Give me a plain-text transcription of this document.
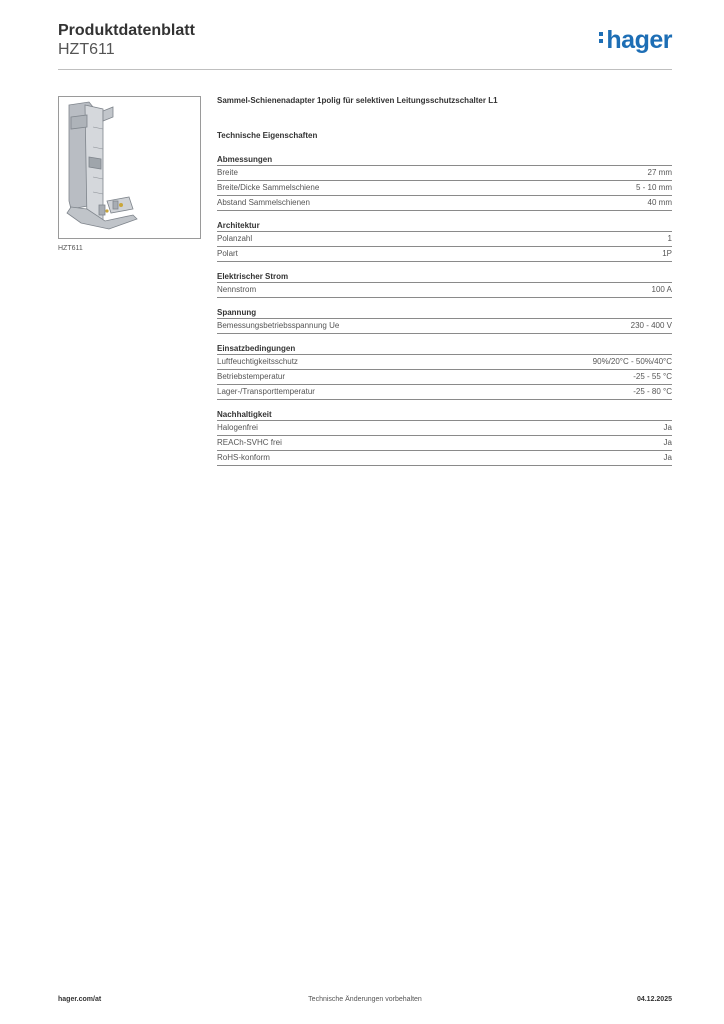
Produktdatenblatt
HZT611	hager
HZT611
Sammel-Schienenadapter 1polig für selektiven Leitungsschutzschalter L1
Technische Eigenschaften
Abmessungen
Breite	27 mm
Breite/Dicke Sammelschiene	5 - 10 mm
Abstand Sammelschienen	40 mm
Architektur
Polanzahl	1
Polart	1P
Elektrischer Strom
Nennstrom	100 A
Spannung
Bemessungsbetriebsspannung Ue	230 - 400 V
Einsatzbedingungen
Luftfeuchtigkeitsschutz	90%/20°C - 50%/40°C
Betriebstemperatur	-25 - 55 °C
Lager-/Transporttemperatur	-25 - 80 °C
Nachhaltigkeit
Halogenfrei	Ja
REACh-SVHC frei	Ja
RoHS-konform	Ja
hager.com/at	Technische Änderungen vorbehalten	04.12.2025
